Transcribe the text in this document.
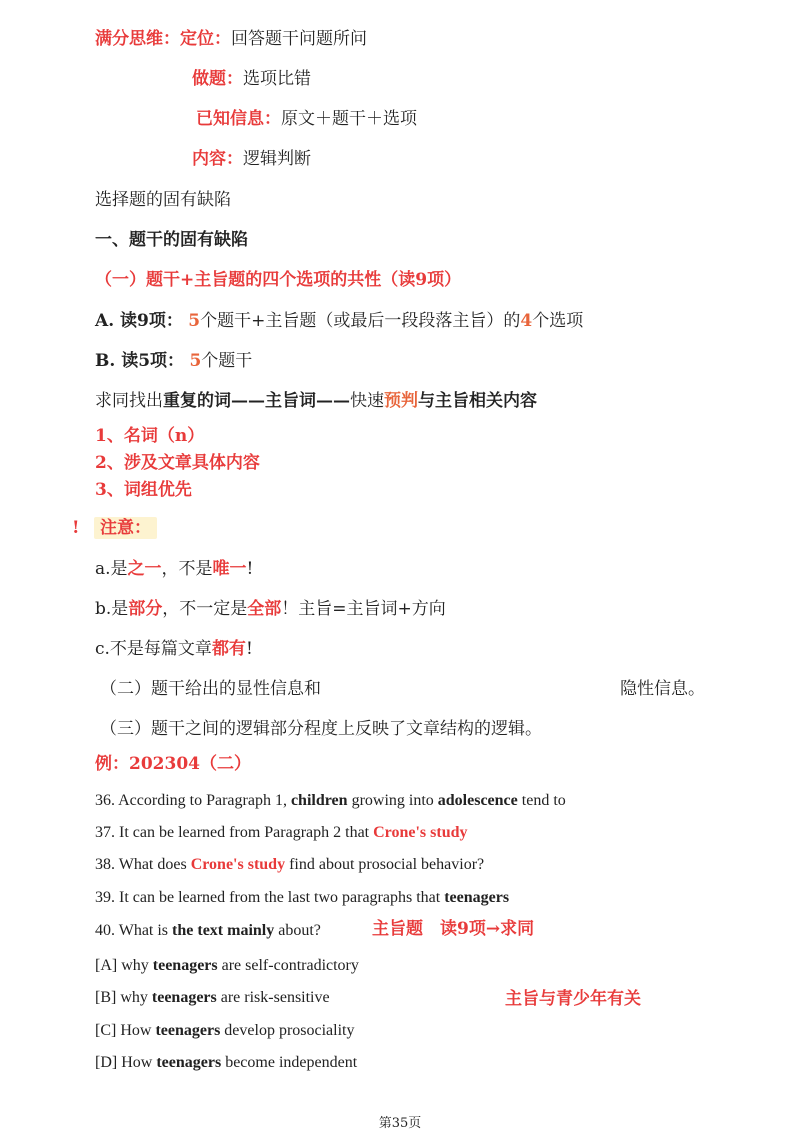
满分思维：定位：回答题干问题所问
做题：选项比错
已知信息：原文＋题干＋选项
内容：逻辑判断
选择题的固有缺陷
一、题干的固有缺陷
（一）题干+主旨题的四个选项的共性（读9项）
A. 读9项： 5个题干+主旨题（或最后一段段落主旨）的4个选项
B. 读5项： 5个题干
求同找出重复的词——主旨词——快速预判与主旨相关内容
1、名词（n）
2、涉及文章具体内容
3、词组优先
!	注意：
a.是之一，不是唯一!
b.是部分，不一定是全部！主旨=主旨词+方向
c.不是每篇文章都有!
（二）题干给出的显性信息和	隐性信息。
（三）题干之间的逻辑部分程度上反映了文章结构的逻辑。
例：202304（二）
36. According to Paragraph 1, children growing into adolescence tend to
37. It can be learned from Paragraph 2 that Crone's study
38. What does Crone's study find about prosocial behavior?
39. It can be learned from the last two paragraphs that teenagers
40. What is the text mainly about?	主旨题　读9项→求同
[A] why teenagers are self-contradictory
[B] why teenagers are risk-sensitive	主旨与青少年有关
[C] How teenagers develop prosociality
[D] How teenagers become independent
第35页
